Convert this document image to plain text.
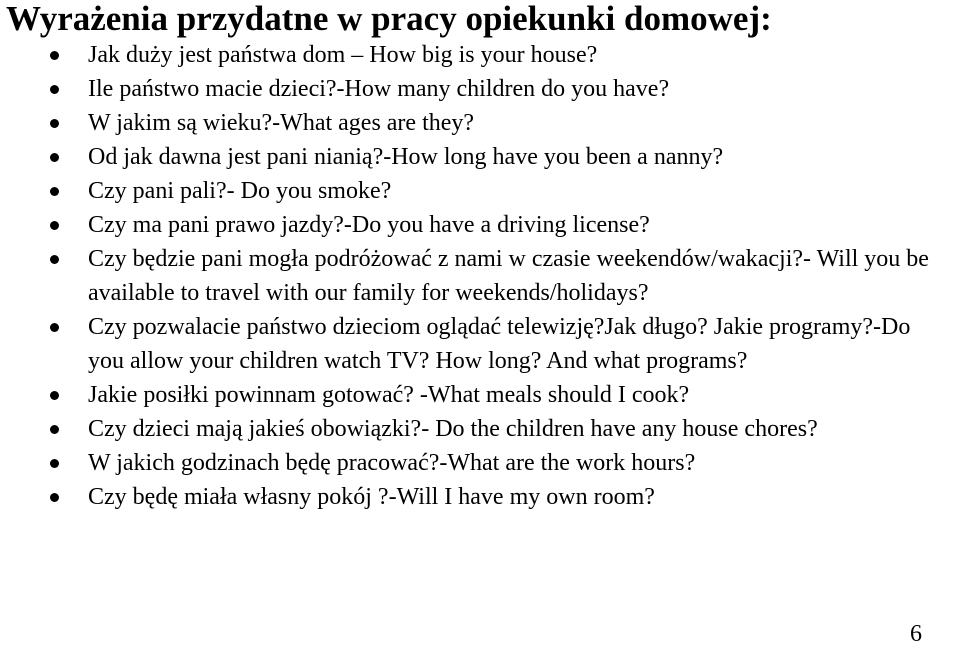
Wyrażenia przydatne w pracy opiekunki domowej:
Jak duży jest państwa dom – How big is your house?
Ile państwo macie dzieci?-How many children do you have?
W jakim są wieku?-What ages are they?
Od jak dawna jest pani nianią?-How long have you been a nanny?
Czy pani pali?- Do you smoke?
Czy ma pani prawo jazdy?-Do you have a driving license?
Czy będzie pani mogła podróżować z nami w czasie weekendów/wakacji?- Will you be available to travel with our family for weekends/holidays?
Czy pozwalacie państwo dzieciom oglądać telewizję?Jak długo? Jakie programy?-Do you allow your children watch TV? How long? And what programs?
Jakie posiłki powinnam gotować? -What meals should I cook?
Czy dzieci mają jakieś obowiązki?- Do the children have any house chores?
W jakich godzinach będę pracować?-What are the work hours?
Czy będę miała własny pokój ?-Will I have my own room?
6
